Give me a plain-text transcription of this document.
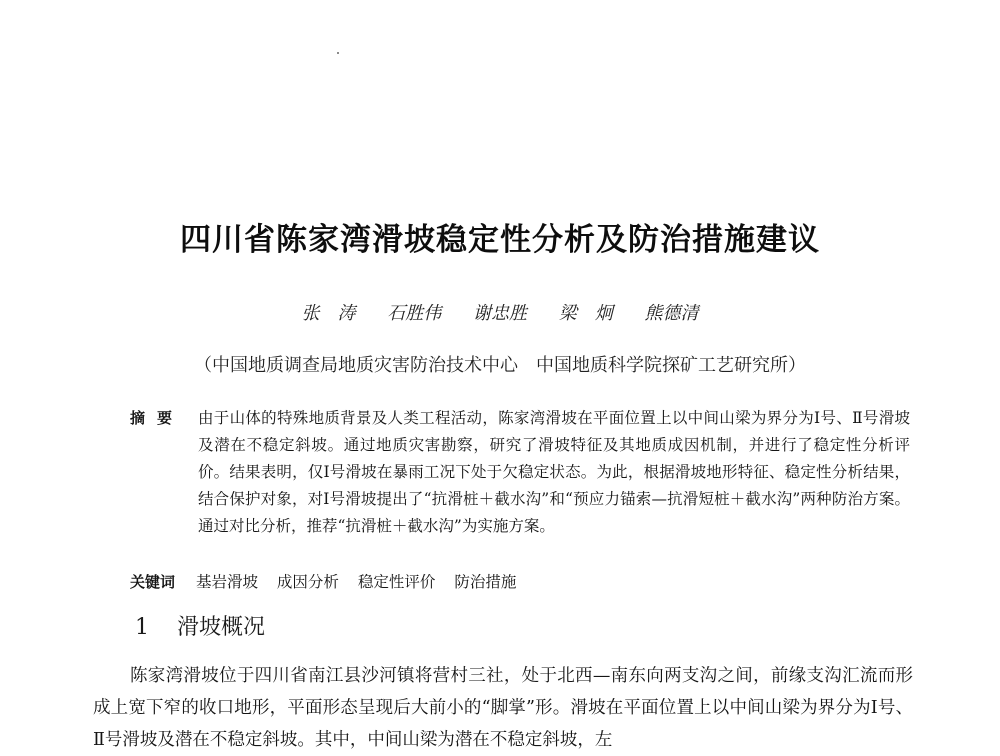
四川省陈家湾滑坡稳定性分析及防治措施建议
张　涛 石胜伟 谢忠胜 梁　炯 熊德清
（中国地质调查局地质灾害防治技术中心　中国地质科学院探矿工艺研究所）
摘要 由于山体的特殊地质背景及人类工程活动，陈家湾滑坡在平面位置上以中间山梁为界分为Ⅰ号、Ⅱ号滑坡及潜在不稳定斜坡。通过地质灾害勘察，研究了滑坡特征及其地质成因机制，并进行了稳定性分析评价。结果表明，仅Ⅰ号滑坡在暴雨工况下处于欠稳定状态。为此，根据滑坡地形特征、稳定性分析结果，结合保护对象，对Ⅰ号滑坡提出了“抗滑桩＋截水沟”和“预应力锚索—抗滑短桩＋截水沟”两种防治方案。通过对比分析，推荐“抗滑桩＋截水沟”为实施方案。
关键词 基岩滑坡 成因分析 稳定性评价 防治措施
1 滑坡概况
陈家湾滑坡位于四川省南江县沙河镇将营村三社，处于北西—南东向两支沟之间，前缘支沟汇流而形成上宽下窄的收口地形，平面形态呈现后大前小的“脚掌”形。滑坡在平面位置上以中间山梁为界分为Ⅰ号、Ⅱ号滑坡及潜在不稳定斜坡。其中，中间山梁为潜在不稳定斜坡，左
